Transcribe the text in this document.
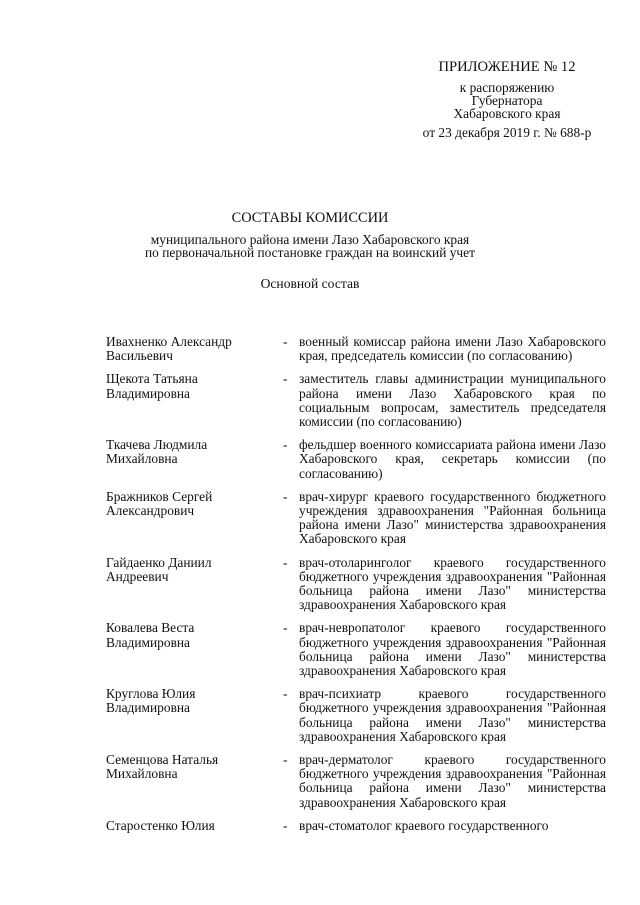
ПРИЛОЖЕНИЕ № 12
к распоряжению
Губернатора
Хабаровского края
от 23 декабря 2019 г. № 688-р
СОСТАВЫ КОМИССИИ
муниципального района имени Лазо Хабаровского края
по первоначальной постановке граждан на воинский учет
Основной состав
Ивахненко Александр
Васильевич
- военный комиссар района имени Лазо Хабаровского края, председатель комиссии (по согласованию)
Щекота Татьяна
Владимировна
- заместитель главы администрации муниципального района имени Лазо Хабаровского края по социальным вопросам, заместитель председателя комиссии (по согласованию)
Ткачева Людмила
Михайловна
- фельдшер военного комиссариата района имени Лазо Хабаровского края, секретарь комиссии (по согласованию)
Бражников Сергей
Александрович
- врач-хирург краевого государственного бюджетного учреждения здравоохранения "Районная больница района имени Лазо" министерства здравоохранения Хабаровского края
Гайдаенко Даниил
Андреевич
- врач-отоларинголог краевого государственного бюджетного учреждения здравоохранения "Районная больница района имени Лазо" министерства здравоохранения Хабаровского края
Ковалева Веста
Владимировна
- врач-невропатолог краевого государственного бюджетного учреждения здравоохранения "Районная больница района имени Лазо" министерства здравоохранения Хабаровского края
Круглова Юлия
Владимировна
- врач-психиатр краевого государственного бюджетного учреждения здравоохранения "Районная больница района имени Лазо" министерства здравоохранения Хабаровского края
Семенцова Наталья
Михайловна
- врач-дерматолог краевого государственного бюджетного учреждения здравоохранения "Районная больница района имени Лазо" министерства здравоохранения Хабаровского края
Старостенко Юлия	- врач-стоматолог краевого государственного
